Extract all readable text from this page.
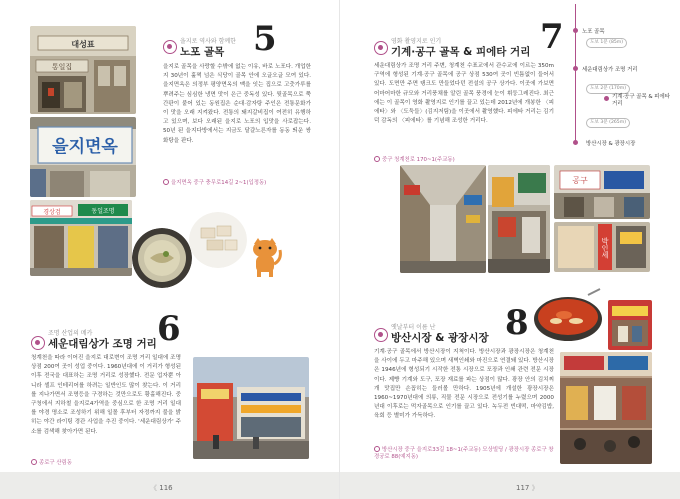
대성표
통일집
을지로 역사와 함께한
노포 골목 5
을지로 골목을 사랑할 수밖에 없는 이유, 바로 노포다. 개업한 지 30년이 훌쩍 넘은 식당이 골목 안에 오글오글 모여 있다. 을지면옥은 의정부 평양면옥의 맥을 잇는 집으로 고춧가루를 뿌려주는 심심한 냉면 맛이 은근 중독성 있다. 뒷골목으로 쭉 간판이 붙어 있는 동원집은 순대·감자탕 주인은 전통문화가 이 맛을 오래 지켜왔다. 전통의 돼지갈비집이 여전히 유행하고 있으며, 보다 오래된 을지로 노포의 입맛을 사로잡는다. 50년 된 을지다방에서는 지금도 달걀노른자를 동동 띄운 쌍화탕을 판다.
을지면옥 중구 충무로14길 2~1(입정동)
을지면옥
경상검	동일조명
조명 산업의 메카
세운대림상가 조명 거리 6
청계천을 따라 이어진 을지로 대로변이 조명 거리 일대에 조명 상점 200여 곳이 성업 중이다. 1960년대에 이 거리가 형성된 이후 전국을 대표하는 조명 거리로 성장했다. 전문 업자뿐 아니라 셀프 인테리어를 하려는 일반인도 많이 찾는다. 이 거리를 지나가면서 조명등을 구경하는 것만으로도 황홀해진다. 중구청에서 지하철 을지로4가역을 중심으로 한 조명 거리 일대를 야경 명소로 조성하기 위해 일몰 후부터 자정까지 불을 밝히는 야간 라이팅 경관 사업을 추진 중이다. '세운대림상가' 주소를 검색해 찾아가면 된다.
종로구 산림동
《 116
영화 촬영지로 인기
기계·공구 골목 & 피에타 거리 7
세운대림상가 조명 거리 주변, 청계천 수표교에서 관수교에 이르는 350m 구역에 형성된 기계·공구 골목에 공구 상점 530여 곳이 빈틈없이 들어서 있다. 도면만 주면 탱크도 만들었다던 전설의 공구 상가다. 이곳에 가보면 어마어마한 규모와 거리풍채를 알린 골목 풍경에 눈이 휘둥그레진다. 최근에는 이 골목이 영화 촬영지로 인기를 끌고 있는데 2012년에 개봉한 〈피에타〉와 〈도둑들〉(김지저팀)을 이곳에서 촬영했다. 피에타 거리는 김기덕 감독의 〈피에타〉를 기념해 조성한 거리다.
중구 청계천로 170~1(주교동)
노포 골목
도보 1분 (85m)
세운대림상가 조명 거리
도보 2분 (170m)
기계·공구 골목 & 피에타 거리
도보 3분 (265m)
방산시장 & 광장시장
공구
박인세
옛날부터 이름 난
방산시장 & 광장시장 8
기계·공구 골목에서 방산시장이 지척이다. 방산시장과 광장시장은 청계천을 사이에 두고 마주해 있으며 새벽인쇄와 마진으로 연결돼 있다. 방산시장은 1946년에 형성되기 시작한 전통 시장으로 포장과 인쇄 관련 전문 시장이다. 제빵 기계와 도구, 포장 재료를 파는 상점이 많다. 광장 안의 김치찌개 맛집만 손꼽히는 들러볼 만하다. 1905년에 개설한 광장시장은 1960~1970년대에 의류, 직물 전문 시장으로 전성기를 누렸으며 2000년대 이후로는 먹자골목으로 인기를 끌고 있다. 녹두전 빈대떡, 마약김밥, 육회 등 별미가 가득하다.
방산시장 중구 을지로33길 18~1(주교동) 모상빌딩 / 광장시장 종로구 창경궁로 88(예지동)
117 》
